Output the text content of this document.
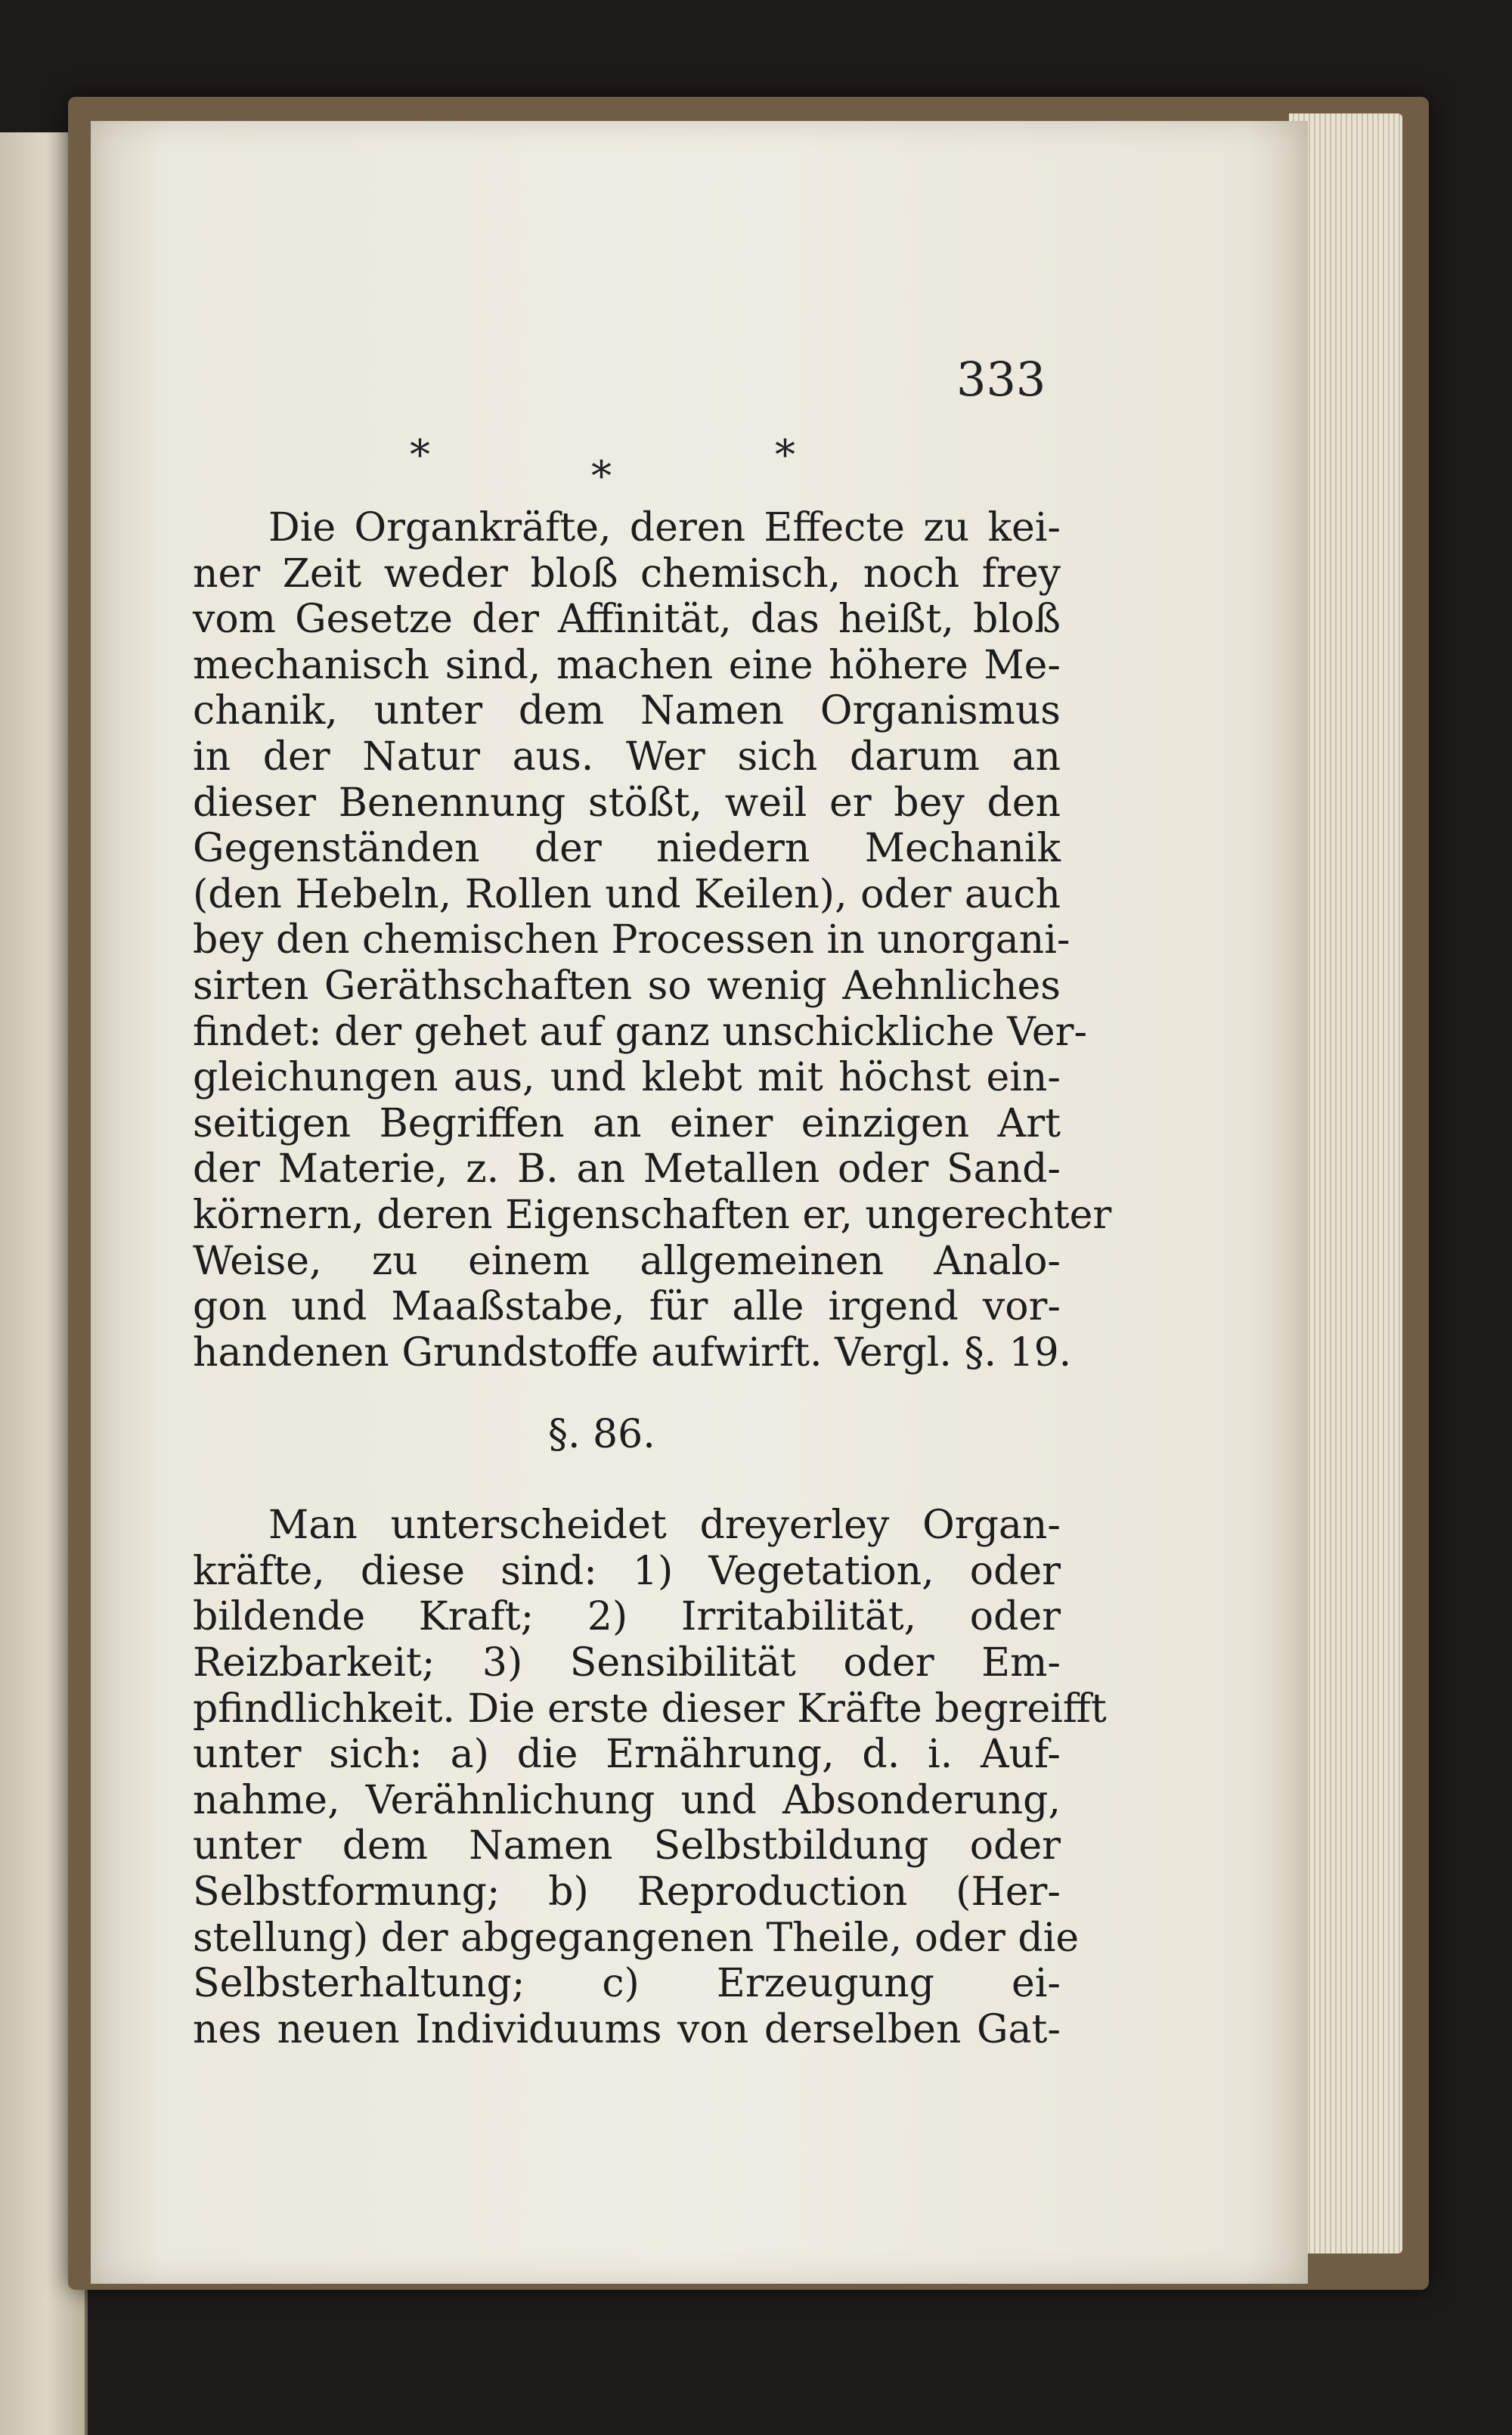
333
*	*	*
Die Organkräfte, deren Effecte zu kei-
ner Zeit weder bloß chemisch, noch frey
vom Gesetze der Affinität, das heißt, bloß
mechanisch sind, machen eine höhere Me-
chanik, unter dem Namen Organismus
in der Natur aus. Wer sich darum an
dieser Benennung stößt, weil er bey den
Gegenständen der niedern Mechanik
(den Hebeln, Rollen und Keilen), oder auch
bey den chemischen Processen in unorgani-
sirten Geräthschaften so wenig Aehnliches
findet: der gehet auf ganz unschickliche Ver-
gleichungen aus, und klebt mit höchst ein-
seitigen Begriffen an einer einzigen Art
der Materie, z. B. an Metallen oder Sand-
körnern, deren Eigenschaften er, ungerechter
Weise, zu einem allgemeinen Analo-
gon und Maaßstabe, für alle irgend vor-
handenen Grundstoffe aufwirft. Vergl. §. 19.
§. 86.
Man unterscheidet dreyerley Organ-
kräfte, diese sind: 1) Vegetation, oder
bildende Kraft; 2) Irritabilität, oder
Reizbarkeit; 3) Sensibilität oder Em-
pfindlichkeit. Die erste dieser Kräfte begreifft
unter sich: a) die Ernährung, d. i. Auf-
nahme, Verähnlichung und Absonderung,
unter dem Namen Selbstbildung oder
Selbstformung; b) Reproduction (Her-
stellung) der abgegangenen Theile, oder die
Selbsterhaltung; c) Erzeugung ei-
nes neuen Individuums von derselben Gat-
